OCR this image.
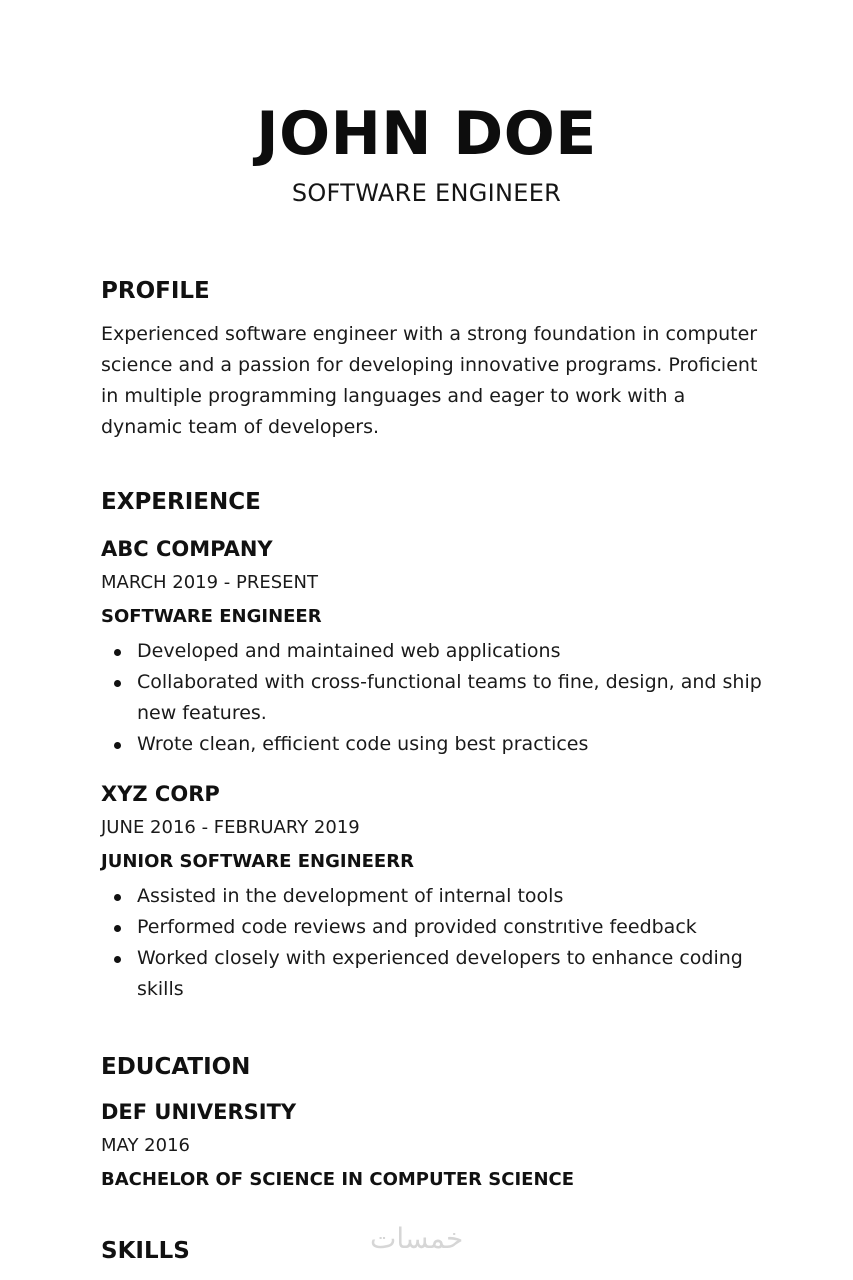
JOHN DOE
SOFTWARE ENGINEER
PROFILE

Experienced software engineer with a strong foundation in computer science and a passion for developing innovative programs. Proficient in multiple programming languages and eager to work with a dynamic team of developers.

EXPERIENCE
ABC COMPANY
MARCH 2019 - PRESENT
SOFTWARE ENGINEER
Developed and maintained web applications
Collaborated with cross-functional teams to fine, design, and ship new features.
Wrote clean, efficient code using best practices
XYZ CORP
JUNE 2016 - FEBRUARY 2019
JUNIOR SOFTWARE ENGINEERR
Assisted in the development of internal tools
Performed code reviews and provided constrıtive feedback
Worked closely with experienced developers to enhance coding skills
EDUCATION
DEF UNIVERSITY
MAY 2016
BACHELOR OF SCIENCE IN COMPUTER SCIENCE
SKILLS	خمسات
